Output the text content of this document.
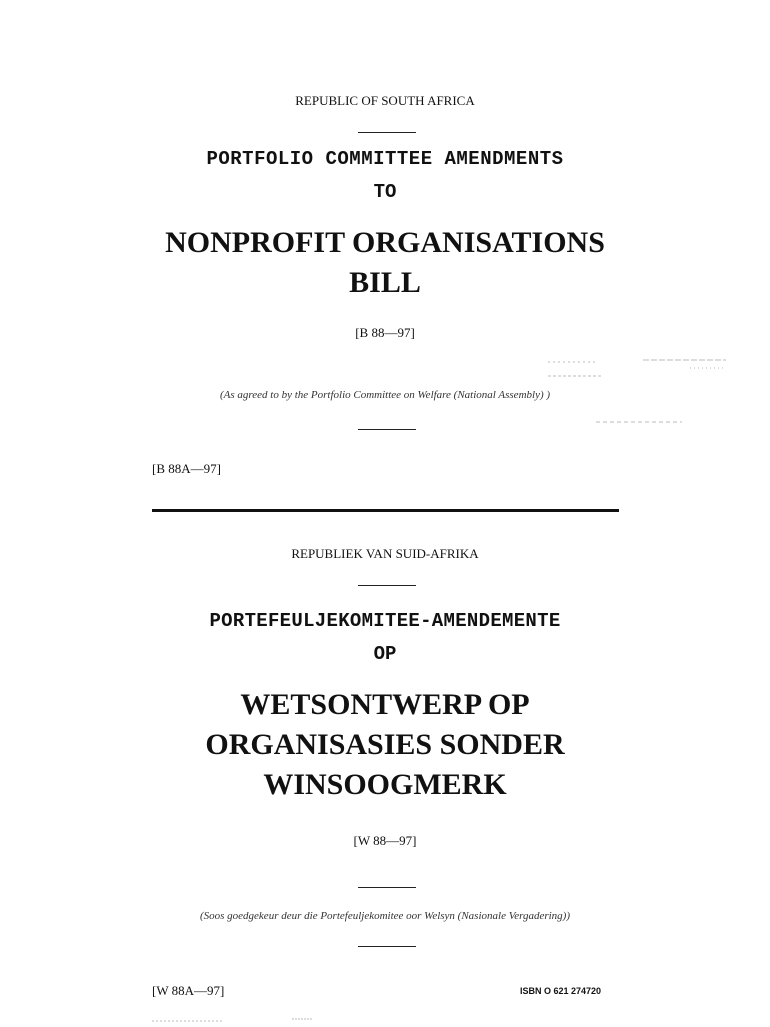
REPUBLIC OF SOUTH AFRICA
PORTFOLIO COMMITTEE AMENDMENTS
TO
NONPROFIT ORGANISATIONS
BILL
[B 88—97]
(As agreed to by the Portfolio Committee on Welfare (National Assembly) )
[B 88A—97]
REPUBLIEK VAN SUID-AFRIKA
PORTEFEULJEKOMITEE-AMENDEMENTE
OP
WETSONTWERP OP
ORGANISASIES SONDER
WINSOOGMERK
[W 88—97]
(Soos goedgekeur deur die Portefeuljekomitee oor Welsyn (Nasionale Vergadering))
[W 88A—97]	ISBN O 621 274720
